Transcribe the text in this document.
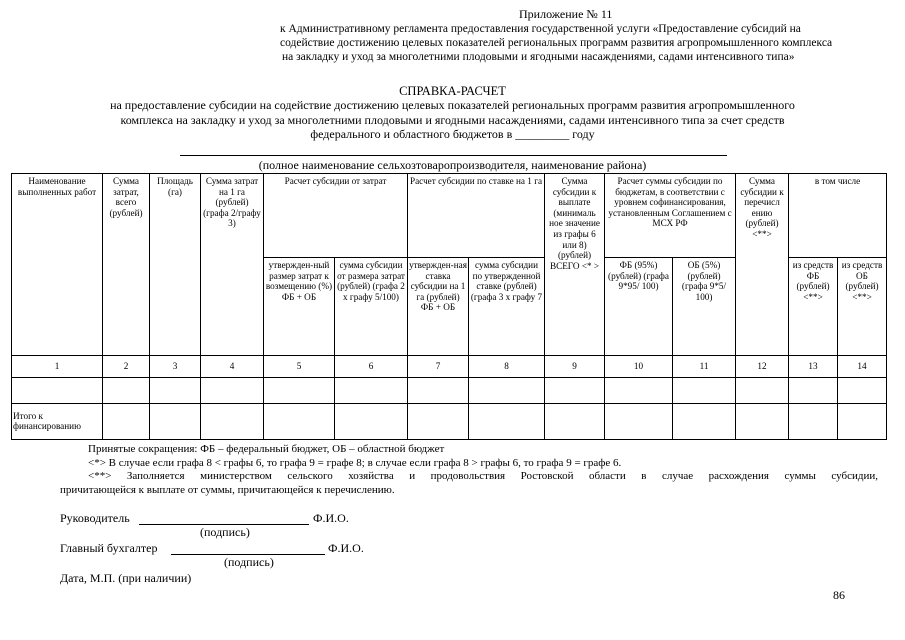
Приложение № 11
к Административному регламента предоставления государственной услуги «Предоставление субсидий на
содействие достижению целевых показателей региональных программ развития агропромышленного комплекса
на закладку и уход за многолетними плодовыми и ягодными насаждениями, садами интенсивного типа»
СПРАВКА-РАСЧЕТ
на предоставление субсидии на содействие достижению целевых показателей региональных программ развития агропромышленного
комплекса на закладку и уход за многолетними плодовыми и ягодными насаждениями, садами интенсивного типа за счет средств
федерального и областного бюджетов в _________ году
(полное наименование сельхозтоваропроизводителя, наименование района)
Наименование выполненных работ	Сумма затрат, всего (рублей)	Площадь (га)	Сумма затрат на 1 га (рублей) (графа 2/графу 3)	Расчет субсидии от затрат		Расчет субсидии по ставке на 1 га		Сумма субсидии к выплате (минималь ное значение из графы 6 или 8) (рублей) ВСЕГО <* >	Расчет суммы субсидии по бюджетам, в соответствии с уровнем софинансирования, установленным Соглашением с МСХ РФ		Сумма субсидии к перечисл ению (рублей) <**>	в том числе	
				утвержден-ный размер затрат к возмещению (%) ФБ + ОБ	сумма субсидии от размера затрат (рублей) (графа 2 х графу 5/100)	утвержден-ная ставка субсидии на 1 га (рублей) ФБ + ОБ	сумма субсидии по утвержденной ставке (рублей) (графа 3 х графу 7		ФБ (95%) (рублей) (графа 9*95/ 100)	ОБ (5%) (рублей) (графа 9*5/ 100)		из средств ФБ (рублей) <**>	из средств ОБ (рублей) <**>
1	2	3	4	5	6	7	8	9	10	11	12	13	14

Итого к финансированию													
Принятые сокращения: ФБ – федеральный бюджет, ОБ – областной бюджет
<*> В случае если графа 8 < графы 6, то графа 9 = графе 8; в случае если графа 8 > графы 6, то графа 9 = графе 6.
<**> Заполняется министерством сельского хозяйства и продовольствия Ростовской области в случае расхождения суммы субсидии,
причитающейся к выплате от суммы, причитающейся к перечислению.
Руководитель	Ф.И.О.
(подпись)
Главный бухгалтер	Ф.И.О.
(подпись)
Дата, М.П. (при наличии)
86
